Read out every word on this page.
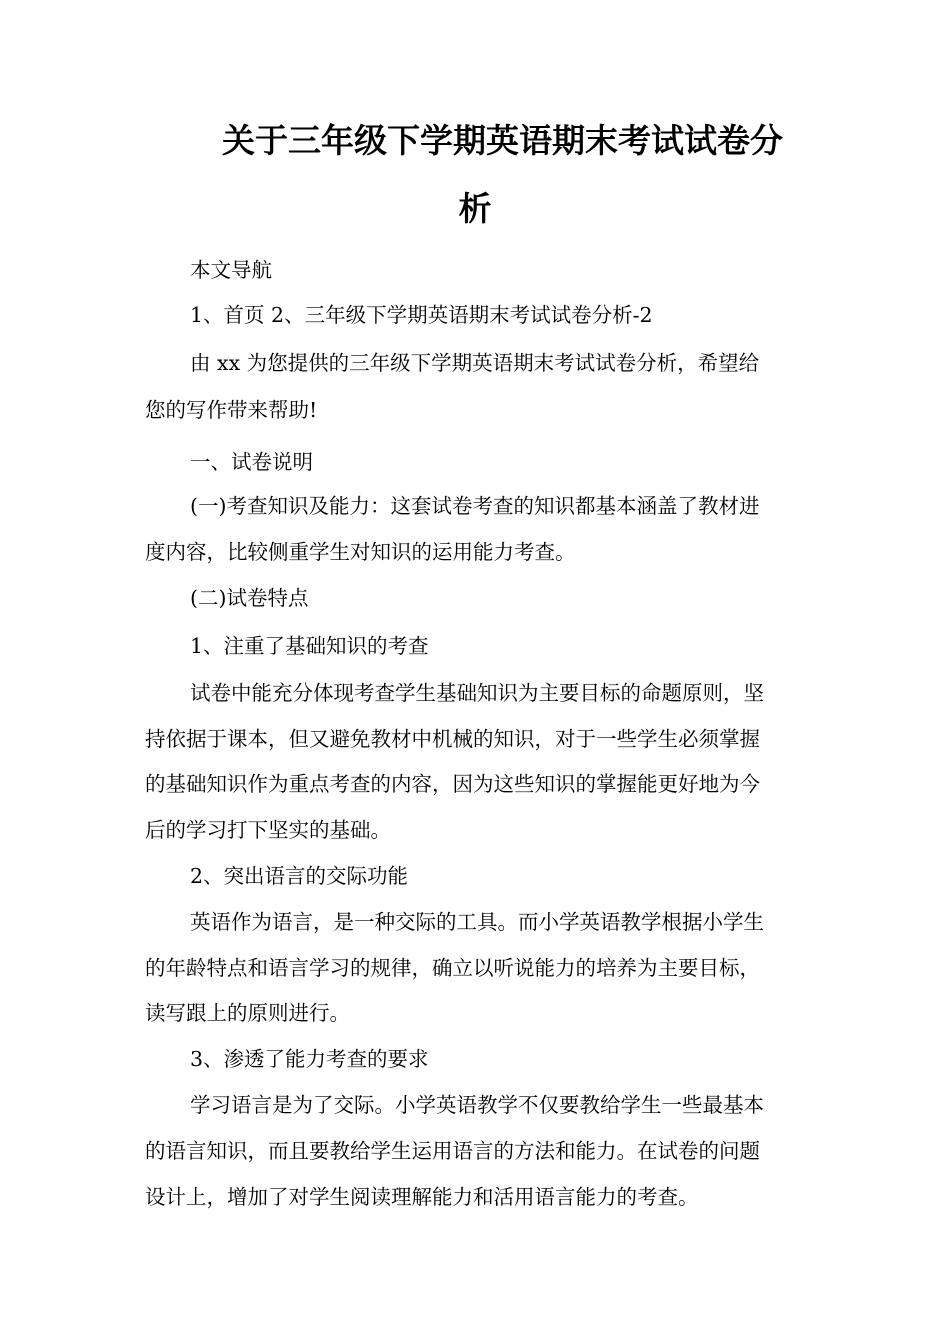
关于三年级下学期英语期末考试试卷分
析
本文导航
1、首页 2、三年级下学期英语期末考试试卷分析-2
由 xx 为您提供的三年级下学期英语期末考试试卷分析，希望给
您的写作带来帮助!
一、试卷说明
(一)考查知识及能力：这套试卷考查的知识都基本涵盖了教材进
度内容，比较侧重学生对知识的运用能力考查。
(二)试卷特点
1、注重了基础知识的考查
试卷中能充分体现考查学生基础知识为主要目标的命题原则，坚
持依据于课本，但又避免教材中机械的知识，对于一些学生必须掌握
的基础知识作为重点考查的内容，因为这些知识的掌握能更好地为今
后的学习打下坚实的基础。
2、突出语言的交际功能
英语作为语言，是一种交际的工具。而小学英语教学根据小学生
的年龄特点和语言学习的规律，确立以听说能力的培养为主要目标，
读写跟上的原则进行。
3、渗透了能力考查的要求
学习语言是为了交际。小学英语教学不仅要教给学生一些最基本
的语言知识，而且要教给学生运用语言的方法和能力。在试卷的问题
设计上，增加了对学生阅读理解能力和活用语言能力的考查。
